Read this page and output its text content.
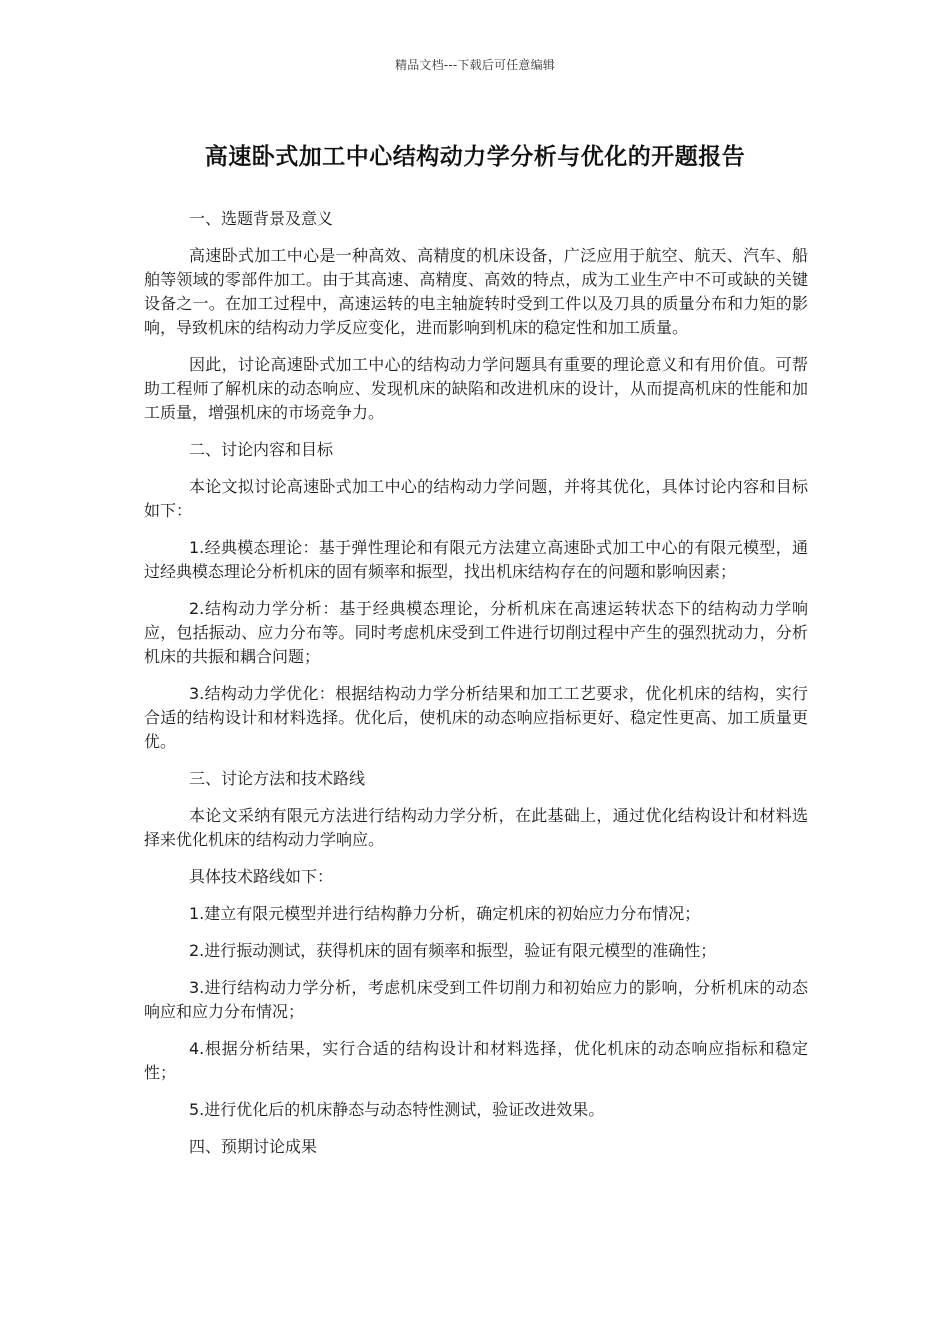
精品文档---下载后可任意编辑
高速卧式加工中心结构动力学分析与优化的开题报告
一、选题背景及意义

高速卧式加工中心是一种高效、高精度的机床设备，广泛应用于航空、航天、汽车、船舶等领域的零部件加工。由于其高速、高精度、高效的特点，成为工业生产中不可或缺的关键设备之一。在加工过程中，高速运转的电主轴旋转时受到工件以及刀具的质量分布和力矩的影响，导致机床的结构动力学反应变化，进而影响到机床的稳定性和加工质量。

因此，讨论高速卧式加工中心的结构动力学问题具有重要的理论意义和有用价值。可帮助工程师了解机床的动态响应、发现机床的缺陷和改进机床的设计，从而提高机床的性能和加工质量，增强机床的市场竞争力。

二、讨论内容和目标

本论文拟讨论高速卧式加工中心的结构动力学问题，并将其优化，具体讨论内容和目标如下：

1.经典模态理论：基于弹性理论和有限元方法建立高速卧式加工中心的有限元模型，通过经典模态理论分析机床的固有频率和振型，找出机床结构存在的问题和影响因素；

2.结构动力学分析：基于经典模态理论，分析机床在高速运转状态下的结构动力学响应，包括振动、应力分布等。同时考虑机床受到工件进行切削过程中产生的强烈扰动力，分析机床的共振和耦合问题；

3.结构动力学优化：根据结构动力学分析结果和加工工艺要求，优化机床的结构，实行合适的结构设计和材料选择。优化后，使机床的动态响应指标更好、稳定性更高、加工质量更优。

三、讨论方法和技术路线

本论文采纳有限元方法进行结构动力学分析，在此基础上，通过优化结构设计和材料选择来优化机床的结构动力学响应。

具体技术路线如下：

1.建立有限元模型并进行结构静力分析，确定机床的初始应力分布情况；

2.进行振动测试，获得机床的固有频率和振型，验证有限元模型的准确性；

3.进行结构动力学分析，考虑机床受到工件切削力和初始应力的影响，分析机床的动态响应和应力分布情况；

4.根据分析结果，实行合适的结构设计和材料选择，优化机床的动态响应指标和稳定性；

5.进行优化后的机床静态与动态特性测试，验证改进效果。

四、预期讨论成果
